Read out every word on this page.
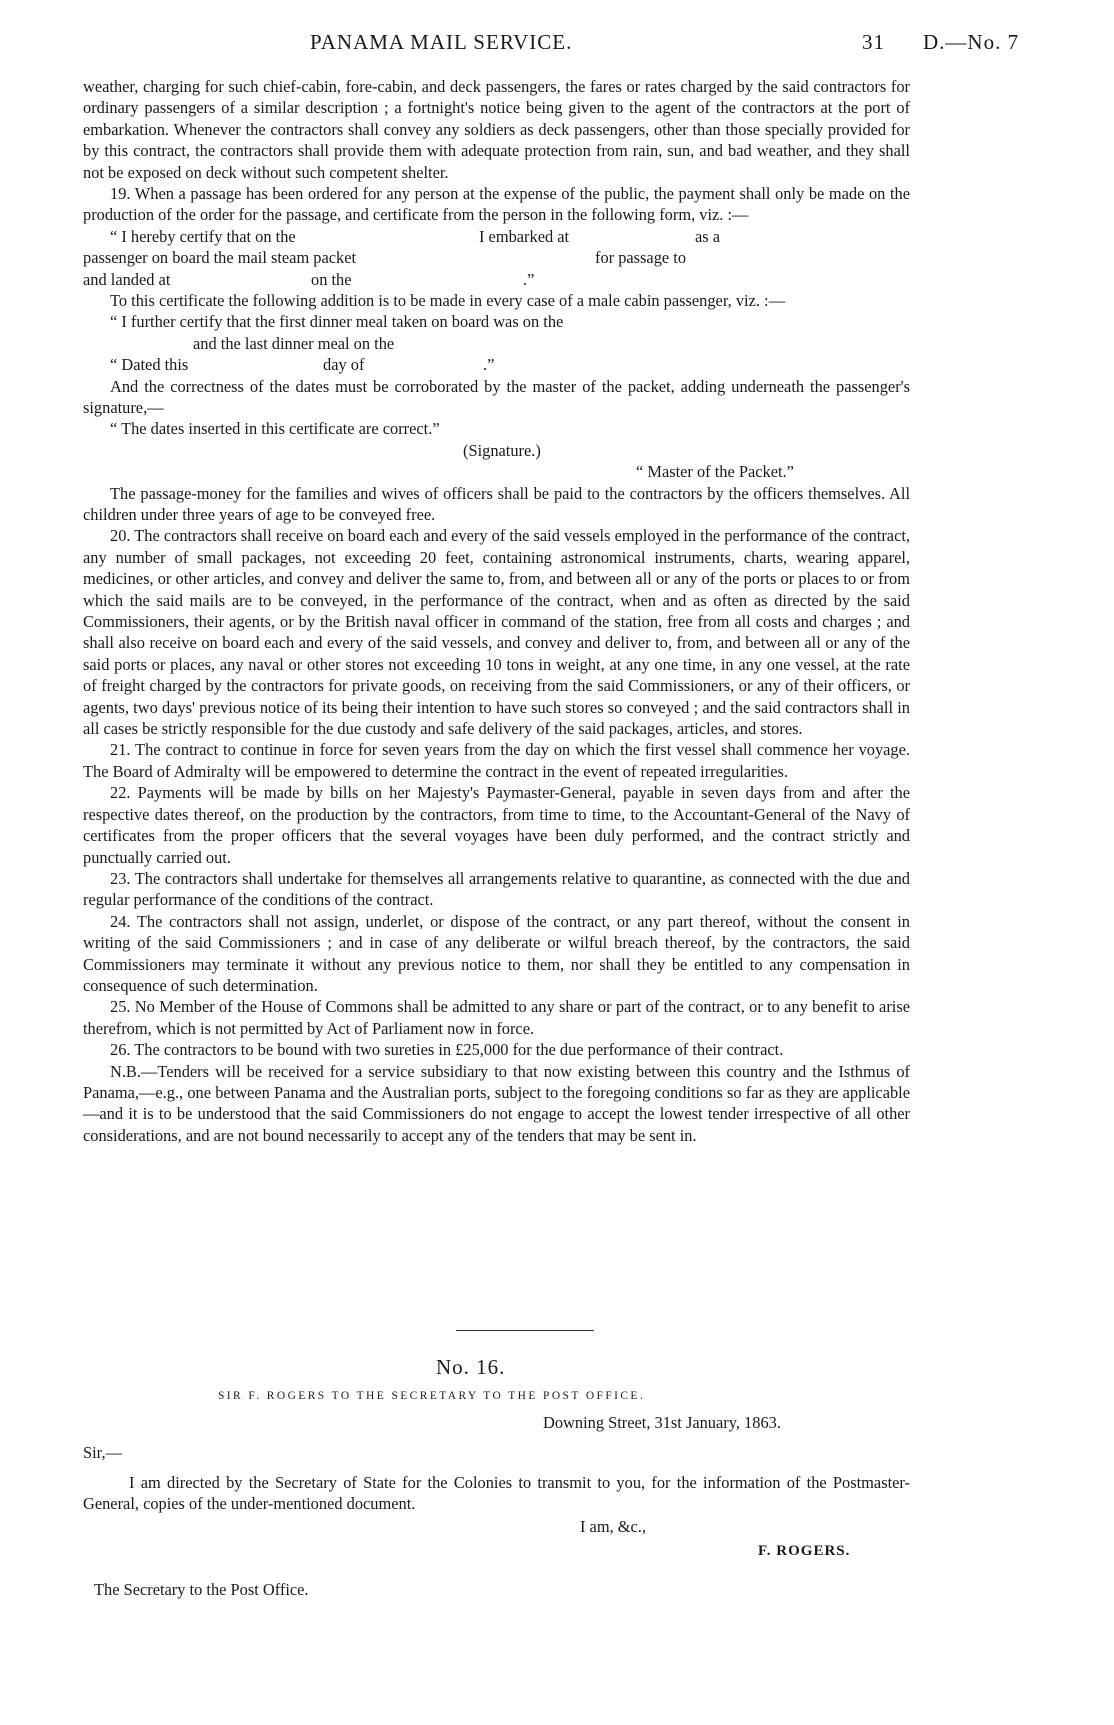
PANAMA MAIL SERVICE.	31 D.—No. 7

weather, charging for such chief-cabin, fore-cabin, and deck passengers, the fares or rates charged by the said contractors for ordinary passengers of a similar description ; a fortnight's notice being given to the agent of the contractors at the port of embarkation. Whenever the contractors shall convey any soldiers as deck passengers, other than those specially provided for by this contract, the contractors shall provide them with adequate protection from rain, sun, and bad weather, and they shall not be exposed on deck without such competent shelter.

19. When a passage has been ordered for any person at the expense of the public, the payment shall only be made on the production of the order for the passage, and certificate from the person in the following form, viz. :—

“ I hereby certify that on the	I embarked at	as a
passenger on board the mail steam packet	for passage to
and landed at	on the	.”

To this certificate the following addition is to be made in every case of a male cabin passenger, viz. :—

“ I further certify that the first dinner meal taken on board was on the
and the last dinner meal on the
“ Dated this	day of	.”

And the correctness of the dates must be corroborated by the master of the packet, adding underneath the passenger's signature,—

“ The dates inserted in this certificate are correct.”

(Signature.)
“ Master of the Packet.”

The passage-money for the families and wives of officers shall be paid to the contractors by the officers themselves. All children under three years of age to be conveyed free.

20. The contractors shall receive on board each and every of the said vessels employed in the performance of the contract, any number of small packages, not exceeding 20 feet, containing astronomical instruments, charts, wearing apparel, medicines, or other articles, and convey and deliver the same to, from, and between all or any of the ports or places to or from which the said mails are to be conveyed, in the performance of the contract, when and as often as directed by the said Commissioners, their agents, or by the British naval officer in command of the station, free from all costs and charges ; and shall also receive on board each and every of the said vessels, and convey and deliver to, from, and between all or any of the said ports or places, any naval or other stores not exceeding 10 tons in weight, at any one time, in any one vessel, at the rate of freight charged by the contractors for private goods, on receiving from the said Commissioners, or any of their officers, or agents, two days' previous notice of its being their intention to have such stores so conveyed ; and the said contractors shall in all cases be strictly responsible for the due custody and safe delivery of the said packages, articles, and stores.

21. The contract to continue in force for seven years from the day on which the first vessel shall commence her voyage. The Board of Admiralty will be empowered to determine the contract in the event of repeated irregularities.

22. Payments will be made by bills on her Majesty's Paymaster-General, payable in seven days from and after the respective dates thereof, on the production by the contractors, from time to time, to the Accountant-General of the Navy of certificates from the proper officers that the several voyages have been duly performed, and the contract strictly and punctually carried out.

23. The contractors shall undertake for themselves all arrangements relative to quarantine, as connected with the due and regular performance of the conditions of the contract.

24. The contractors shall not assign, underlet, or dispose of the contract, or any part thereof, without the consent in writing of the said Commissioners ; and in case of any deliberate or wilful breach thereof, by the contractors, the said Commissioners may terminate it without any previous notice to them, nor shall they be entitled to any compensation in consequence of such determination.

25. No Member of the House of Commons shall be admitted to any share or part of the contract, or to any benefit to arise therefrom, which is not permitted by Act of Parliament now in force.

26. The contractors to be bound with two sureties in £25,000 for the due performance of their contract.

N.B.—Tenders will be received for a service subsidiary to that now existing between this country and the Isthmus of Panama,—e.g., one between Panama and the Australian ports, subject to the foregoing conditions so far as they are applicable—and it is to be understood that the said Commissioners do not engage to accept the lowest tender irrespective of all other considerations, and are not bound necessarily to accept any of the tenders that may be sent in.

No. 16.
SIR F. ROGERS TO THE SECRETARY TO THE POST OFFICE.
Downing Street, 31st January, 1863.
Sir,—

I am directed by the Secretary of State for the Colonies to transmit to you, for the information of the Postmaster-General, copies of the under-mentioned document.

I am, &c.,
F. ROGERS.
The Secretary to the Post Office.
